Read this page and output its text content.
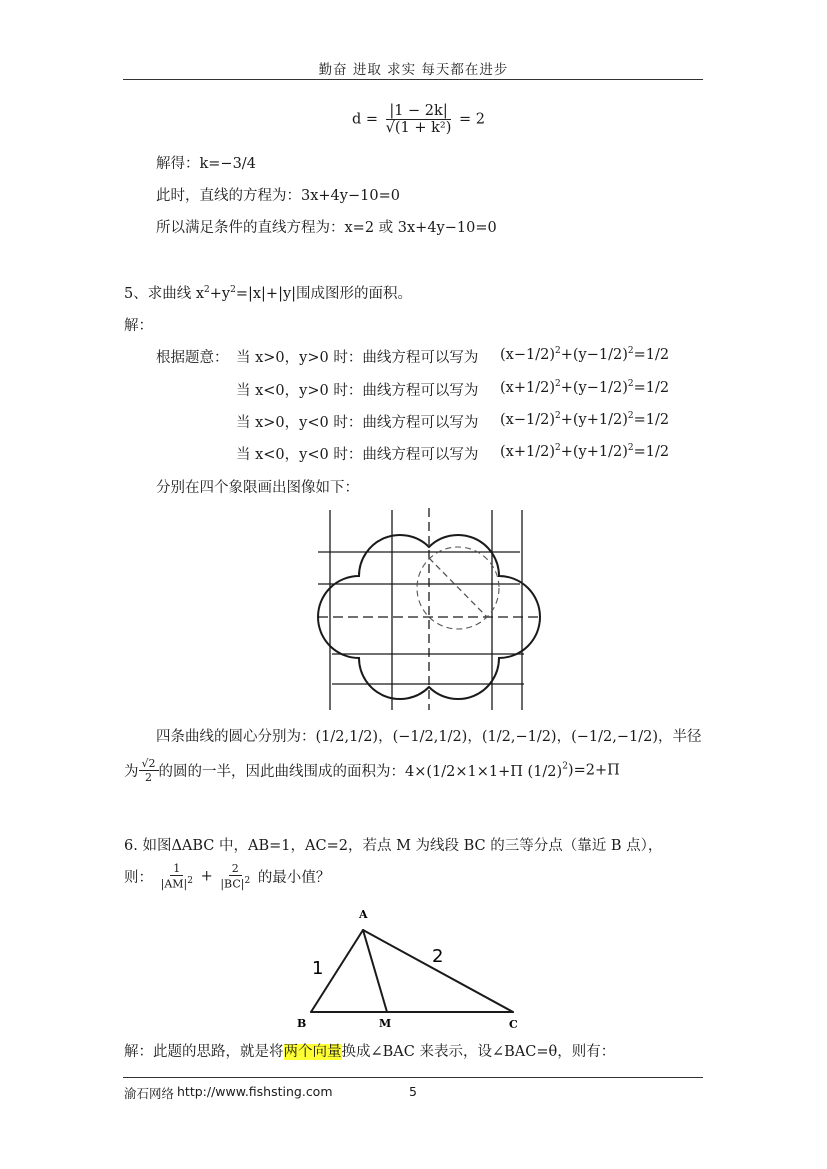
勤奋 进取 求实 每天都在进步
$d = \frac{|1 - 2k|}{\text{√(1 + k²)}} = 2$
解得：k=−3/4
此时，直线的方程为：3x+4y−10=0
所以满足条件的直线方程为：x=2 或 3x+4y−10=0
5、求曲线 $x^2+y^2=|x|+|y|$围成图形的面积。
解：
根据题意： 当 x>0，y>0 时：曲线方程可以写为 $(x-1/2)^2+(y-1/2)^2=1/2$
当 x<0，y>0 时：曲线方程可以写为 $(x+1/2)^2+(y-1/2)^2=1/2$
当 x>0，y<0 时：曲线方程可以写为 $(x-1/2)^2+(y+1/2)^2=1/2$
当 x<0，y<0 时：曲线方程可以写为 $(x+1/2)^2+(y+1/2)^2=1/2$
分别在四个象限画出图像如下：
四条曲线的圆心分别为：(1/2,1/2)，(−1/2,1/2)，(1/2,−1/2)，(−1/2,−1/2)，半径
为 $\frac{√2}{2}$ 的圆的一半，因此曲线围成的面积为：4×(1/2×1×1+Π $(1/2)^2)=2+\Pi$
6. 如图ΔABC 中，AB=1，AC=2，若点 M 为线段 BC 的三等分点（靠近 B 点），
则： $\frac{1}{|AM|^2} + \frac{2}{|BC|^2}$ 的最小值？
A
B	M	C
1
2
解：此题的思路，就是将两个向量换成∠BAC 来表示，设∠BAC=θ，则有：
渝石网络 http://www.fishsting.com	5
